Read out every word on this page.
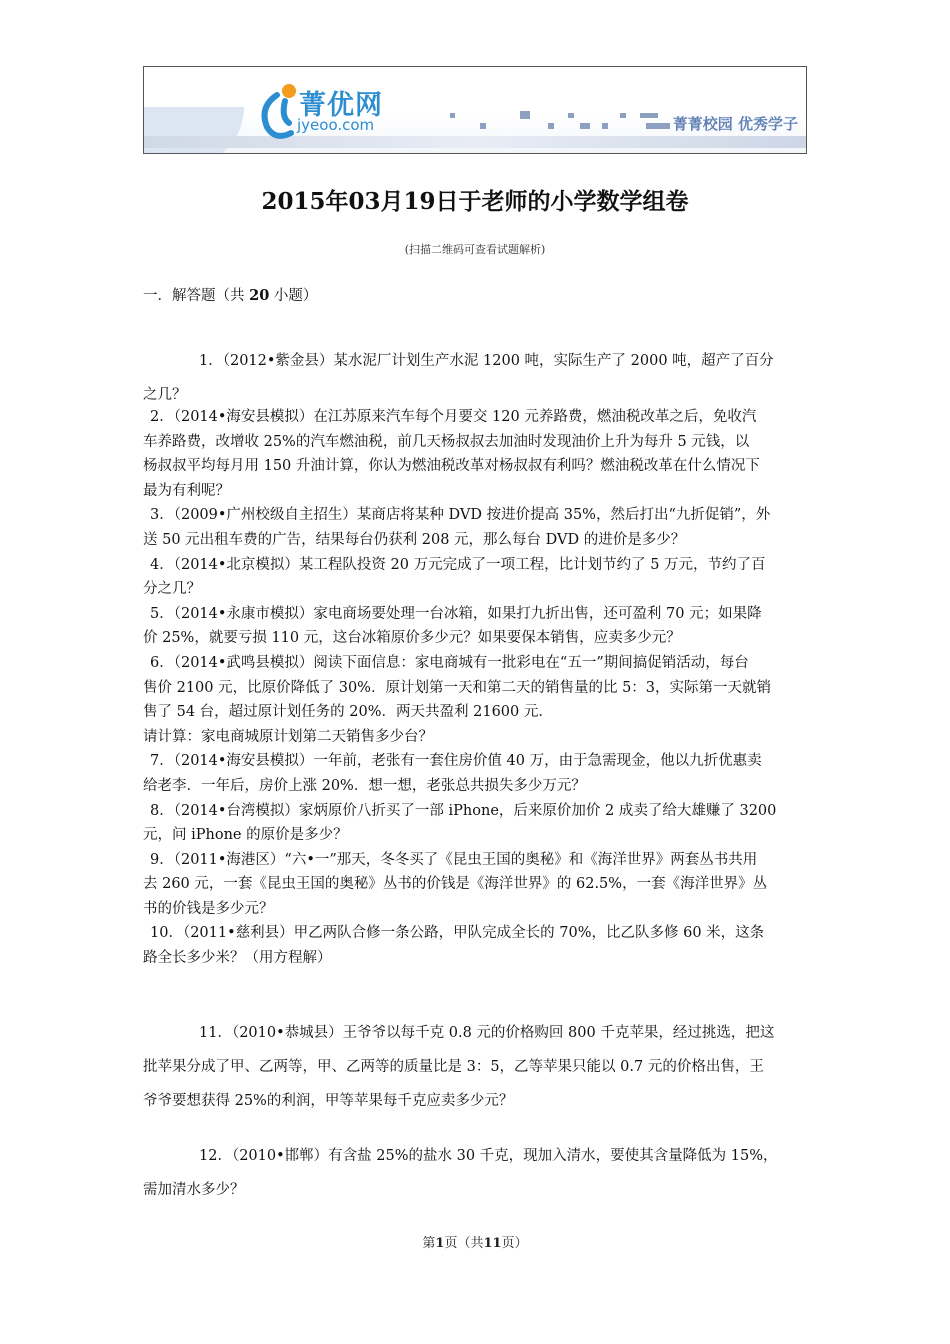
菁优网
jyeoo.com	菁菁校园 优秀学子
2015年03月19日于老师的小学数学组卷
(扫描二维码可查看试题解析)
一．解答题（共 20 小题）
1．（2012•紫金县）某水泥厂计划生产水泥 1200 吨，实际生产了 2000 吨，超产了百分
之几？
2．（2014•海安县模拟）在江苏原来汽车每个月要交 120 元养路费，燃油税改革之后，免收汽
车养路费，改增收 25%的汽车燃油税，前几天杨叔叔去加油时发现油价上升为每升 5 元钱，以
杨叔叔平均每月用 150 升油计算，你认为燃油税改革对杨叔叔有利吗？燃油税改革在什么情况下
最为有利呢？
3．（2009•广州校级自主招生）某商店将某种 DVD 按进价提高 35%，然后打出“九折促销”，外
送 50 元出租车费的广告，结果每台仍获利 208 元，那么每台 DVD 的进价是多少？
4．（2014•北京模拟）某工程队投资 20 万元完成了一项工程，比计划节约了 5 万元，节约了百
分之几？
5．（2014•永康市模拟）家电商场要处理一台冰箱，如果打九折出售，还可盈利 70 元；如果降
价 25%，就要亏损 110 元，这台冰箱原价多少元？如果要保本销售，应卖多少元？
6．（2014•武鸣县模拟）阅读下面信息：家电商城有一批彩电在“五一”期间搞促销活动，每台
售价 2100 元，比原价降低了 30%．原计划第一天和第二天的销售量的比 5：3，实际第一天就销
售了 54 台，超过原计划任务的 20%．两天共盈利 21600 元．
请计算：家电商城原计划第二天销售多少台？
7．（2014•海安县模拟）一年前，老张有一套住房价值 40 万，由于急需现金，他以九折优惠卖
给老李．一年后，房价上涨 20%．想一想，老张总共损失多少万元？
8．（2014•台湾模拟）家炳原价八折买了一部 iPhone，后来原价加价 2 成卖了给大雄赚了 3200
元，问 iPhone 的原价是多少？
9．（2011•海港区）“六•一”那天，冬冬买了《昆虫王国的奥秘》和《海洋世界》两套丛书共用
去 260 元，一套《昆虫王国的奥秘》丛书的价钱是《海洋世界》的 62.5%，一套《海洋世界》丛
书的价钱是多少元？
10．（2011•慈利县）甲乙两队合修一条公路，甲队完成全长的 70%，比乙队多修 60 米，这条
路全长多少米？（用方程解）
11．（2010•恭城县）王爷爷以每千克 0.8 元的价格购回 800 千克苹果，经过挑选，把这
批苹果分成了甲、乙两等，甲、乙两等的质量比是 3：5，乙等苹果只能以 0.7 元的价格出售，王
爷爷要想获得 25%的利润，甲等苹果每千克应卖多少元？
12．（2010•邯郸）有含盐 25%的盐水 30 千克，现加入清水，要使其含量降低为 15%，
需加清水多少？
第1页（共11页）
